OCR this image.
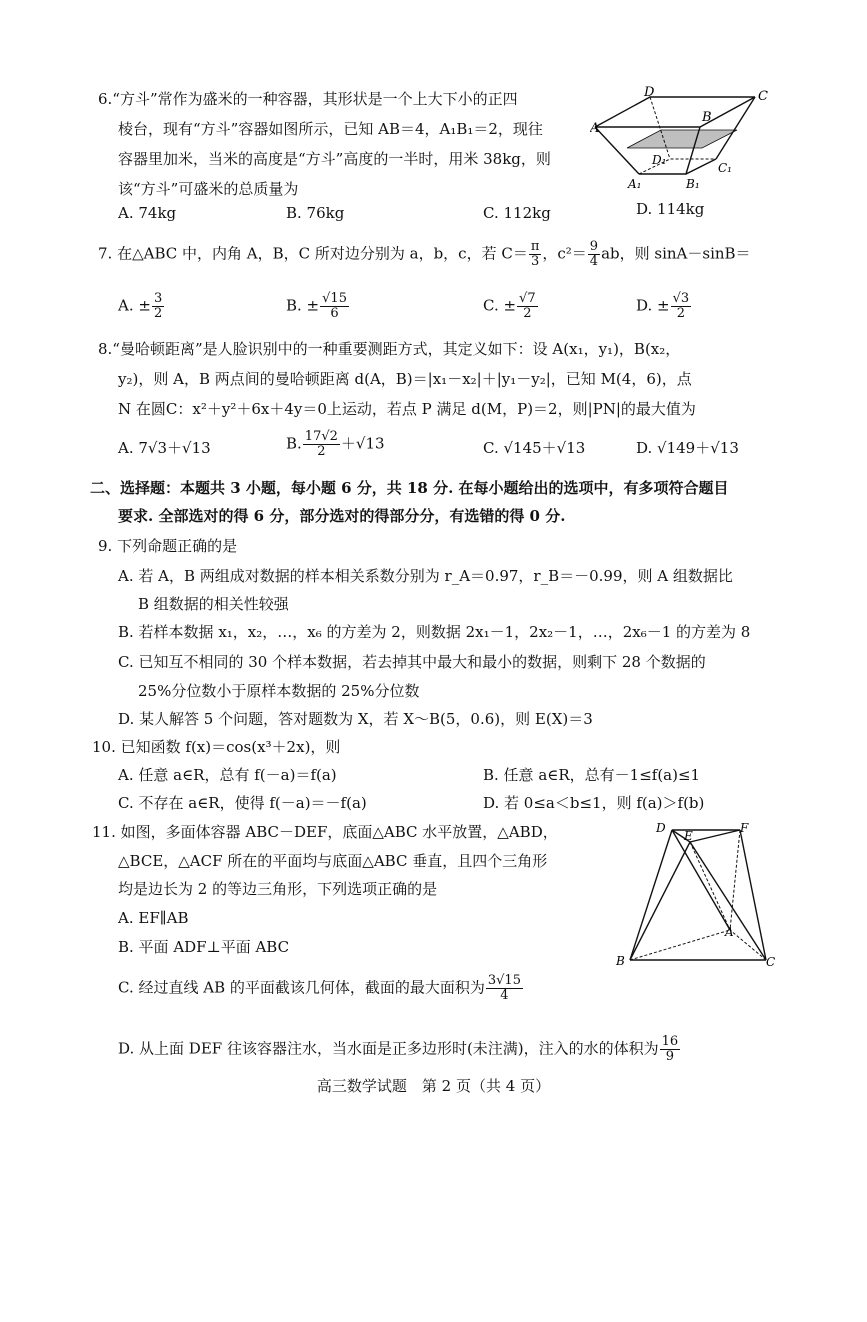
6.“方斗”常作为盛米的一种容器，其形状是一个上大下小的正四
棱台，现有“方斗”容器如图所示，已知 AB＝4，A₁B₁＝2，现往
容器里加米，当米的高度是“方斗”高度的一半时，用米 38kg，则
该“方斗”可盛米的总质量为
A. 74kg	B. 76kg	C. 112kg	D. 114kg
D	C
A
B
D₁
C₁
A₁	B₁
7. 在△ABC 中，内角 A，B，C 所对边分别为 a，b，c，若 $C= \frac{\pi}{3}$ ，$c^2= \frac{9}{4}$ ab，则 sinA－sinB＝
A. ± $\frac{3}{2}$	B. ± $\frac{√15}{6}$	C. ± $\frac{√7}{2}$	D. ± $\frac{√3}{2}$
8.“曼哈顿距离”是人脸识别中的一种重要测距方式，其定义如下：设 A(x₁，y₁)，B(x₂，
y₂)，则 A，B 两点间的曼哈顿距离 d(A，B)＝|x₁－x₂|＋|y₁－y₂|，已知 M(4，6)，点
N 在圆C：x²＋y²＋6x＋4y＝0上运动，若点 P 满足 d(M，P)＝2，则|PN|的最大值为
A. 7√3＋√13	B. $\frac{17√2}{2} +√13$	C. √145＋√13	D. √149＋√13
二、选择题：本题共 3 小题，每小题 6 分，共 18 分. 在每小题给出的选项中，有多项符合题目
要求. 全部选对的得 6 分，部分选对的得部分分，有选错的得 0 分.
9. 下列命题正确的是
A. 若 A，B 两组成对数据的样本相关系数分别为 r_A＝0.97，r_B＝－0.99，则 A 组数据比
B 组数据的相关性较强
B. 若样本数据 x₁，x₂，…，x₆ 的方差为 2，则数据 2x₁－1，2x₂－1，…，2x₆－1 的方差为 8
C. 已知互不相同的 30 个样本数据，若去掉其中最大和最小的数据，则剩下 28 个数据的
25%分位数小于原样本数据的 25%分位数
D. 某人解答 5 个问题，答对题数为 X，若 X～B(5，0.6)，则 E(X)＝3
10. 已知函数 f(x)＝cos(x³＋2x)，则
A. 任意 a∈R，总有 f(－a)＝f(a)	B. 任意 a∈R，总有－1≤f(a)≤1
C. 不存在 a∈R，使得 f(－a)＝－f(a)	D. 若 0≤a＜b≤1，则 f(a)＞f(b)
11. 如图，多面体容器 ABC－DEF，底面△ABC 水平放置，△ABD，
△BCE，△ACF 所在的平面均与底面△ABC 垂直，且四个三角形
均是边长为 2 的等边三角形，下列选项正确的是
A. EF∥AB
B. 平面 ADF⊥平面 ABC
C. 经过直线 AB 的平面截该几何体，截面的最大面积为 $\frac{3√15}{4}$
D. 从上面 DEF 往该容器注水，当水面是正多边形时(未注满)，注入的水的体积为 $\frac{16}{9}$
D
E
F
A
B	C
高三数学试题　第 2 页（共 4 页）
